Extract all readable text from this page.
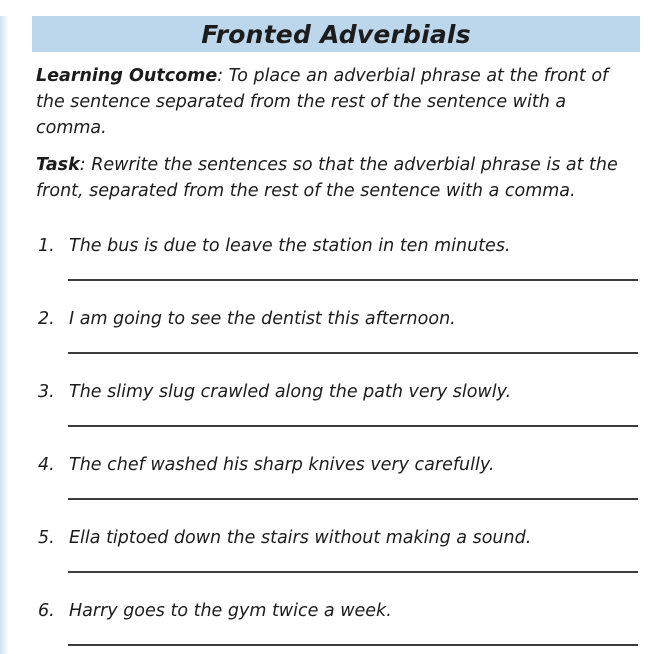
Fronted Adverbials

Learning Outcome: To place an adverbial phrase at the front of the sentence separated from the rest of the sentence with a comma.

Task: Rewrite the sentences so that the adverbial phrase is at the front, separated from the rest of the sentence with a comma.

1. The bus is due to leave the station in ten minutes.
2. I am going to see the dentist this afternoon.
3. The slimy slug crawled along the path very slowly.
4. The chef washed his sharp knives very carefully.
5. Ella tiptoed down the stairs without making a sound.
6. Harry goes to the gym twice a week.
